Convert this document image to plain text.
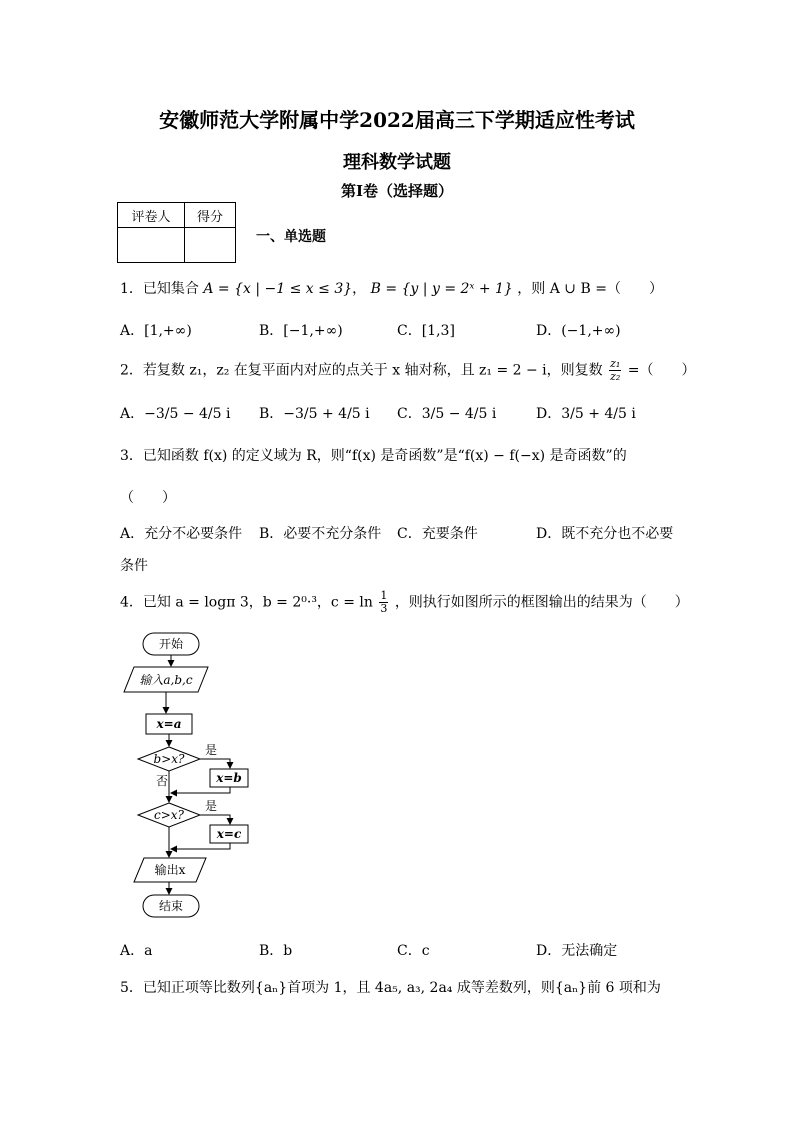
安徽师范大学附属中学2022届高三下学期适应性考试
理科数学试题
第I卷（选择题）
评卷人	得分

一、单选题
1．已知集合 A = {x | −1 ≤ x ≤ 3}， B = {y | y = 2ˣ + 1} ，则 A ∪ B =（　　）
A．[1,+∞)	B．[−1,+∞)	C．[1,3]	D．(−1,+∞)
2．若复数 z₁，z₂ 在复平面内对应的点关于 x 轴对称，且 z₁ = 2 − i，则复数 $\frac{\text{z₁}}{\text{z₂}}$ =（　　）
A．−3/5 − 4/5 i B．−3/5 + 4/5 i C．3/5 − 4/5 i	D．3/5 + 4/5 i
3．已知函数 f(x) 的定义域为 R，则“f(x) 是奇函数”是“f(x) − f(−x) 是奇函数”的
（　　）
A．充分不必要条件 B．必要不充分条件 C．充要条件	D．既不充分也不必要
条件
4．已知 a = logπ 3，b = 2⁰·³，$c = \ln \frac{1}{3}$ ，则执行如图所示的框图输出的结果为（　　）
开始
输入a,b,c
x=a
b>x?
是
x=b
否
c>x?
是
x=c
输出x
结束
A．a	B．b	C．c	D．无法确定
5．已知正项等比数列{aₙ}首项为 1，且 4a₅, a₃, 2a₄ 成等差数列，则{aₙ}前 6 项和为
